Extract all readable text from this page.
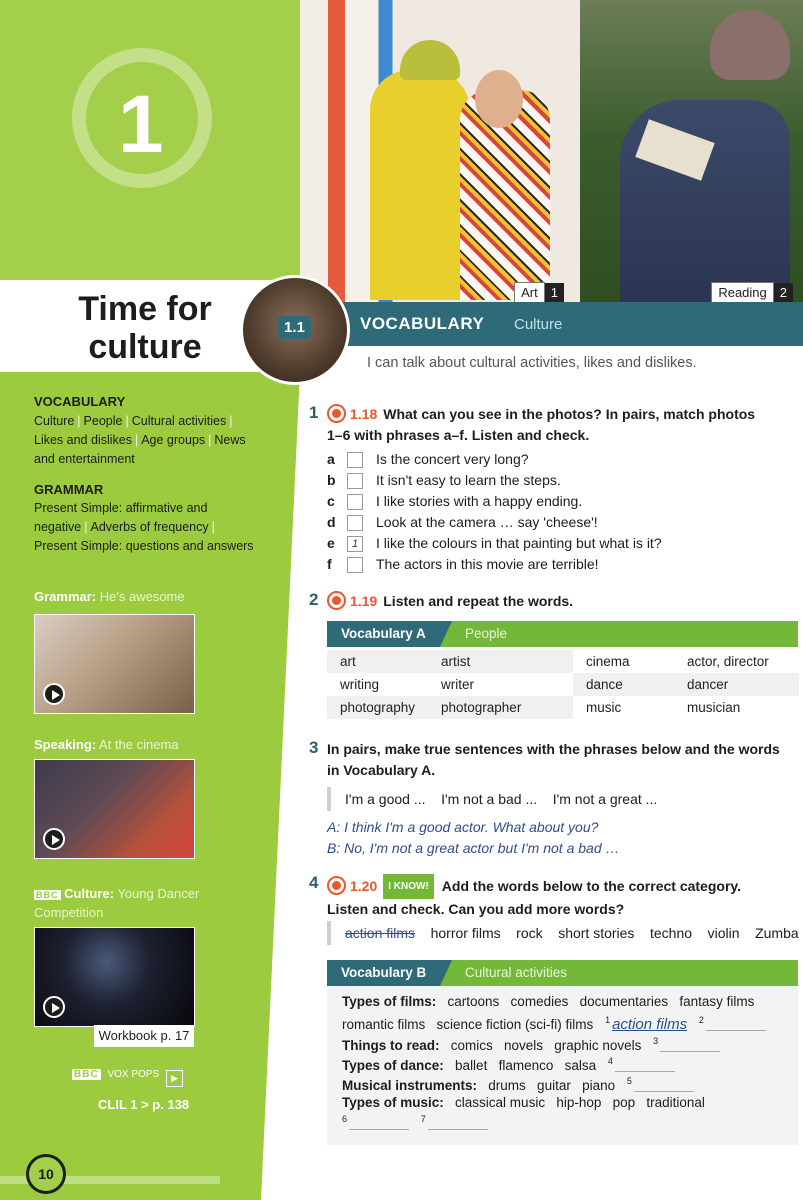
1
Time for
culture
VOCABULARY
Culture | People | Cultural activities | Likes and dislikes | Age groups | News and entertainment
GRAMMAR
Present Simple: affirmative and negative | Adverbs of frequency | Present Simple: questions and answers
Grammar: He's awesome
Speaking: At the cinema
BBC Culture: Young Dancer Competition
Workbook p. 17
BBC VOX POPS ▶
CLIL 1 > p. 138
10
Art 1	Reading 2
1.1	VOCABULARY Culture
I can talk about cultural activities, likes and dislikes.
1	1.18 What can you see in the photos? In pairs, match photos
1–6 with phrases a–f. Listen and check.
a	Is the concert very long?
b	It isn't easy to learn the steps.
c	I like stories with a happy ending.
d	Look at the camera … say 'cheese'!
e	1	I like the colours in that painting but what is it?
f	The actors in this movie are terrible!
2	1.19 Listen and repeat the words.
Vocabulary A	People
art	artist	cinema	actor, director
writing	writer	dance	dancer
photography	photographer	music	musician
3 In pairs, make true sentences with the phrases below and the words
in Vocabulary A.
I'm a good ... I'm not a bad ... I'm not a great ...
A: I think I'm a good actor. What about you?
B: No, I'm not a great actor but I'm not a bad …
4	1.20 I KNOW! Add the words below to the correct category.
Listen and check. Can you add more words?
action films horror films rock short stories techno violin Zumba
Vocabulary B	Cultural activities
Types of films: cartoons   comedies   documentaries   fantasy films
romantic films   science fiction (sci-fi) films $^1$ action films $^2$
Things to read: comics   novels   graphic novels $^3$
Types of dance: ballet   flamenco   salsa $^4$
Musical instruments: drums   guitar   piano $^5$
Types of music: classical music   hip-hop   pop   traditional
$^6$	$^7$
